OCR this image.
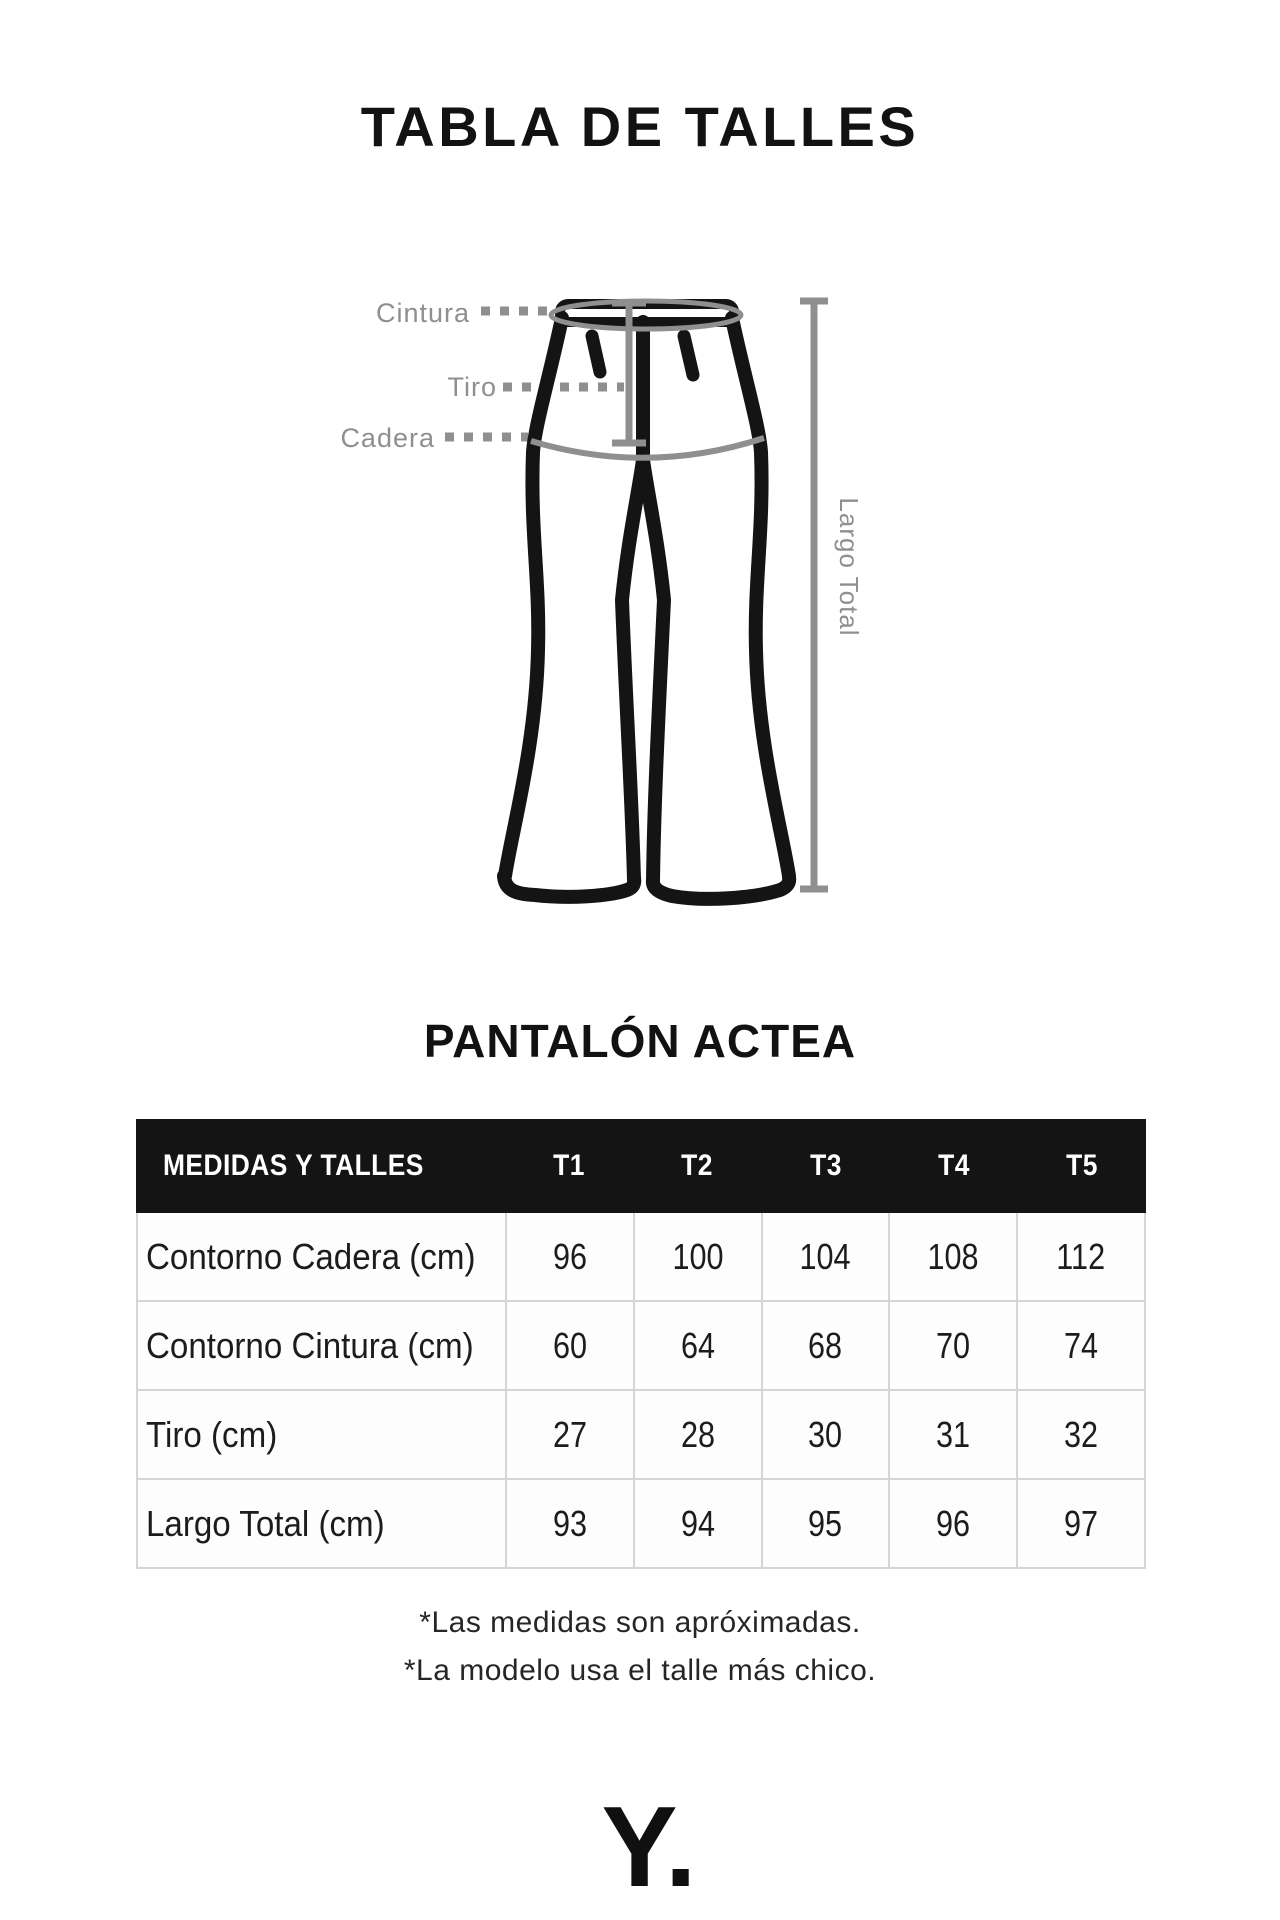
TABLA DE TALLES
Cintura
Tiro
Cadera
Largo Total
PANTALÓN ACTEA
MEDIDAS Y TALLES	T1	T2	T3	T4	T5
Contorno Cadera (cm) 96 100 104 108 112
Contorno Cintura (cm) 60	64	68	70	74
Tiro (cm)	27	28	30	31	32
Largo Total (cm)	93	94	95	96	97
*Las medidas son apróximadas.
*La modelo usa el talle más chico.
Y.
